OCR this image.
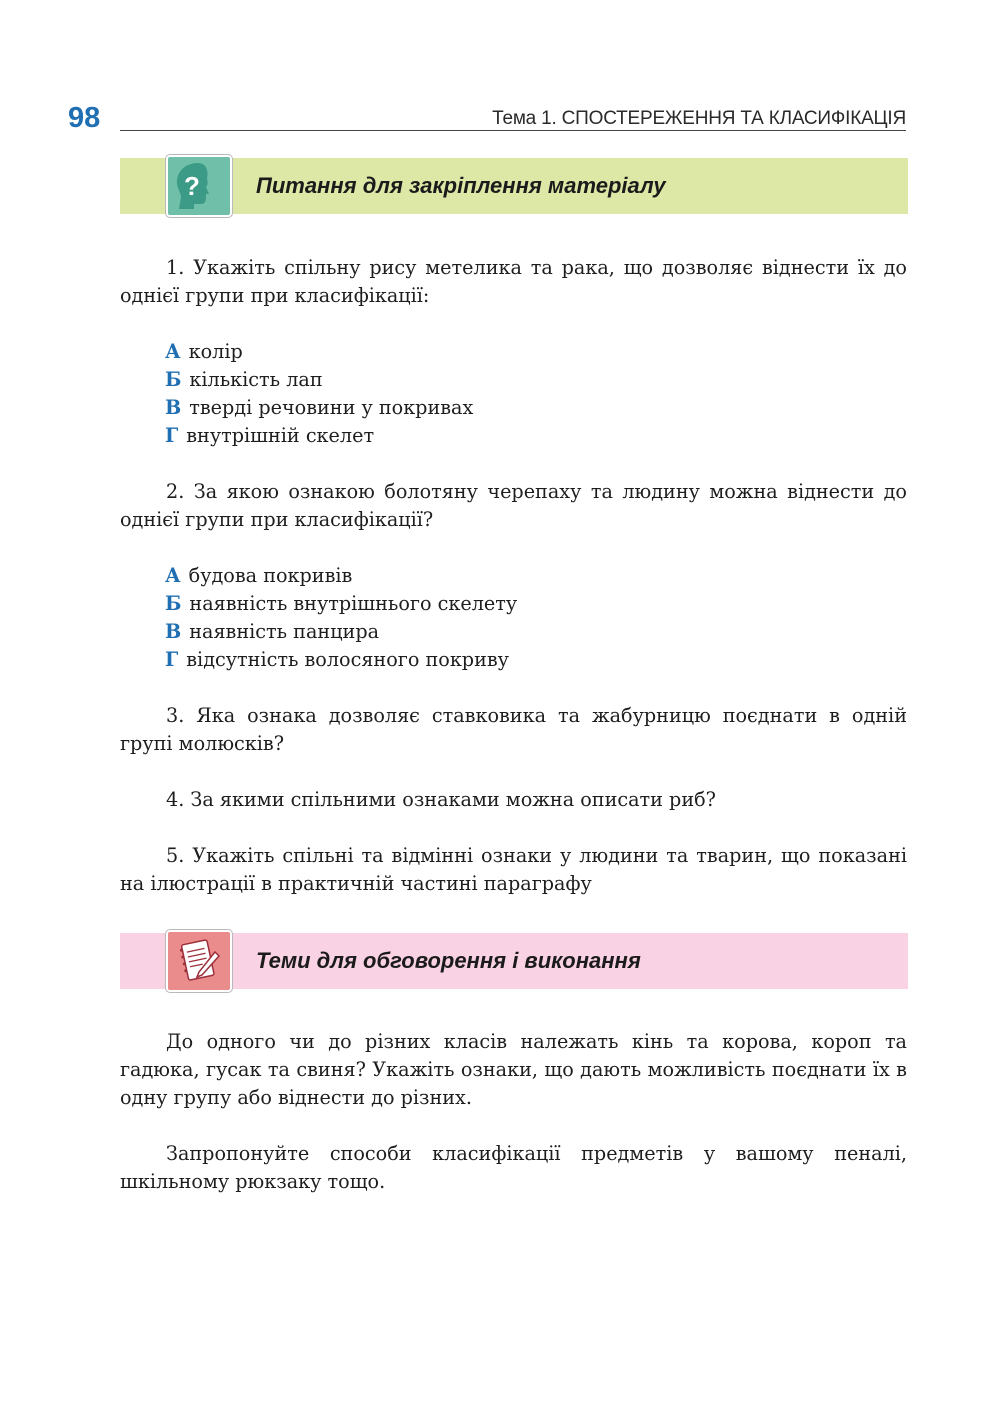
98	Тема 1. СПОСТЕРЕЖЕННЯ ТА КЛАСИФІКАЦІЯ
?	Питання для закріплення матеріалу

1. Укажіть спільну рису метелика та рака, що дозволяє віднести їх до однієї групи при класифікації:

А колір
Б кількість лап
В тверді речовини у покривах
Г внутрішній скелет

2. За якою ознакою болотяну черепаху та людину можна віднести до однієї групи при класифікації?

А будова покривів
Б наявність внутрішнього скелету
В наявність панцира
Г відсутність волосяного покриву

3. Яка ознака дозволяє ставковика та жабурницю поєднати в одній групі молюсків?

4. За якими спільними ознаками можна описати риб?

5. Укажіть спільні та відмінні ознаки у людини та тварин, що показані на ілюстрації в практичній частині параграфу

Теми для обговорення і виконання

До одного чи до різних класів належать кінь та корова, короп та гадюка, гусак та свиня? Укажіть ознаки, що дають можливість поєднати їх в одну групу або віднести до різних.

Запропонуйте способи класифікації предметів у вашому пеналі, шкільному рюкзаку тощо.
